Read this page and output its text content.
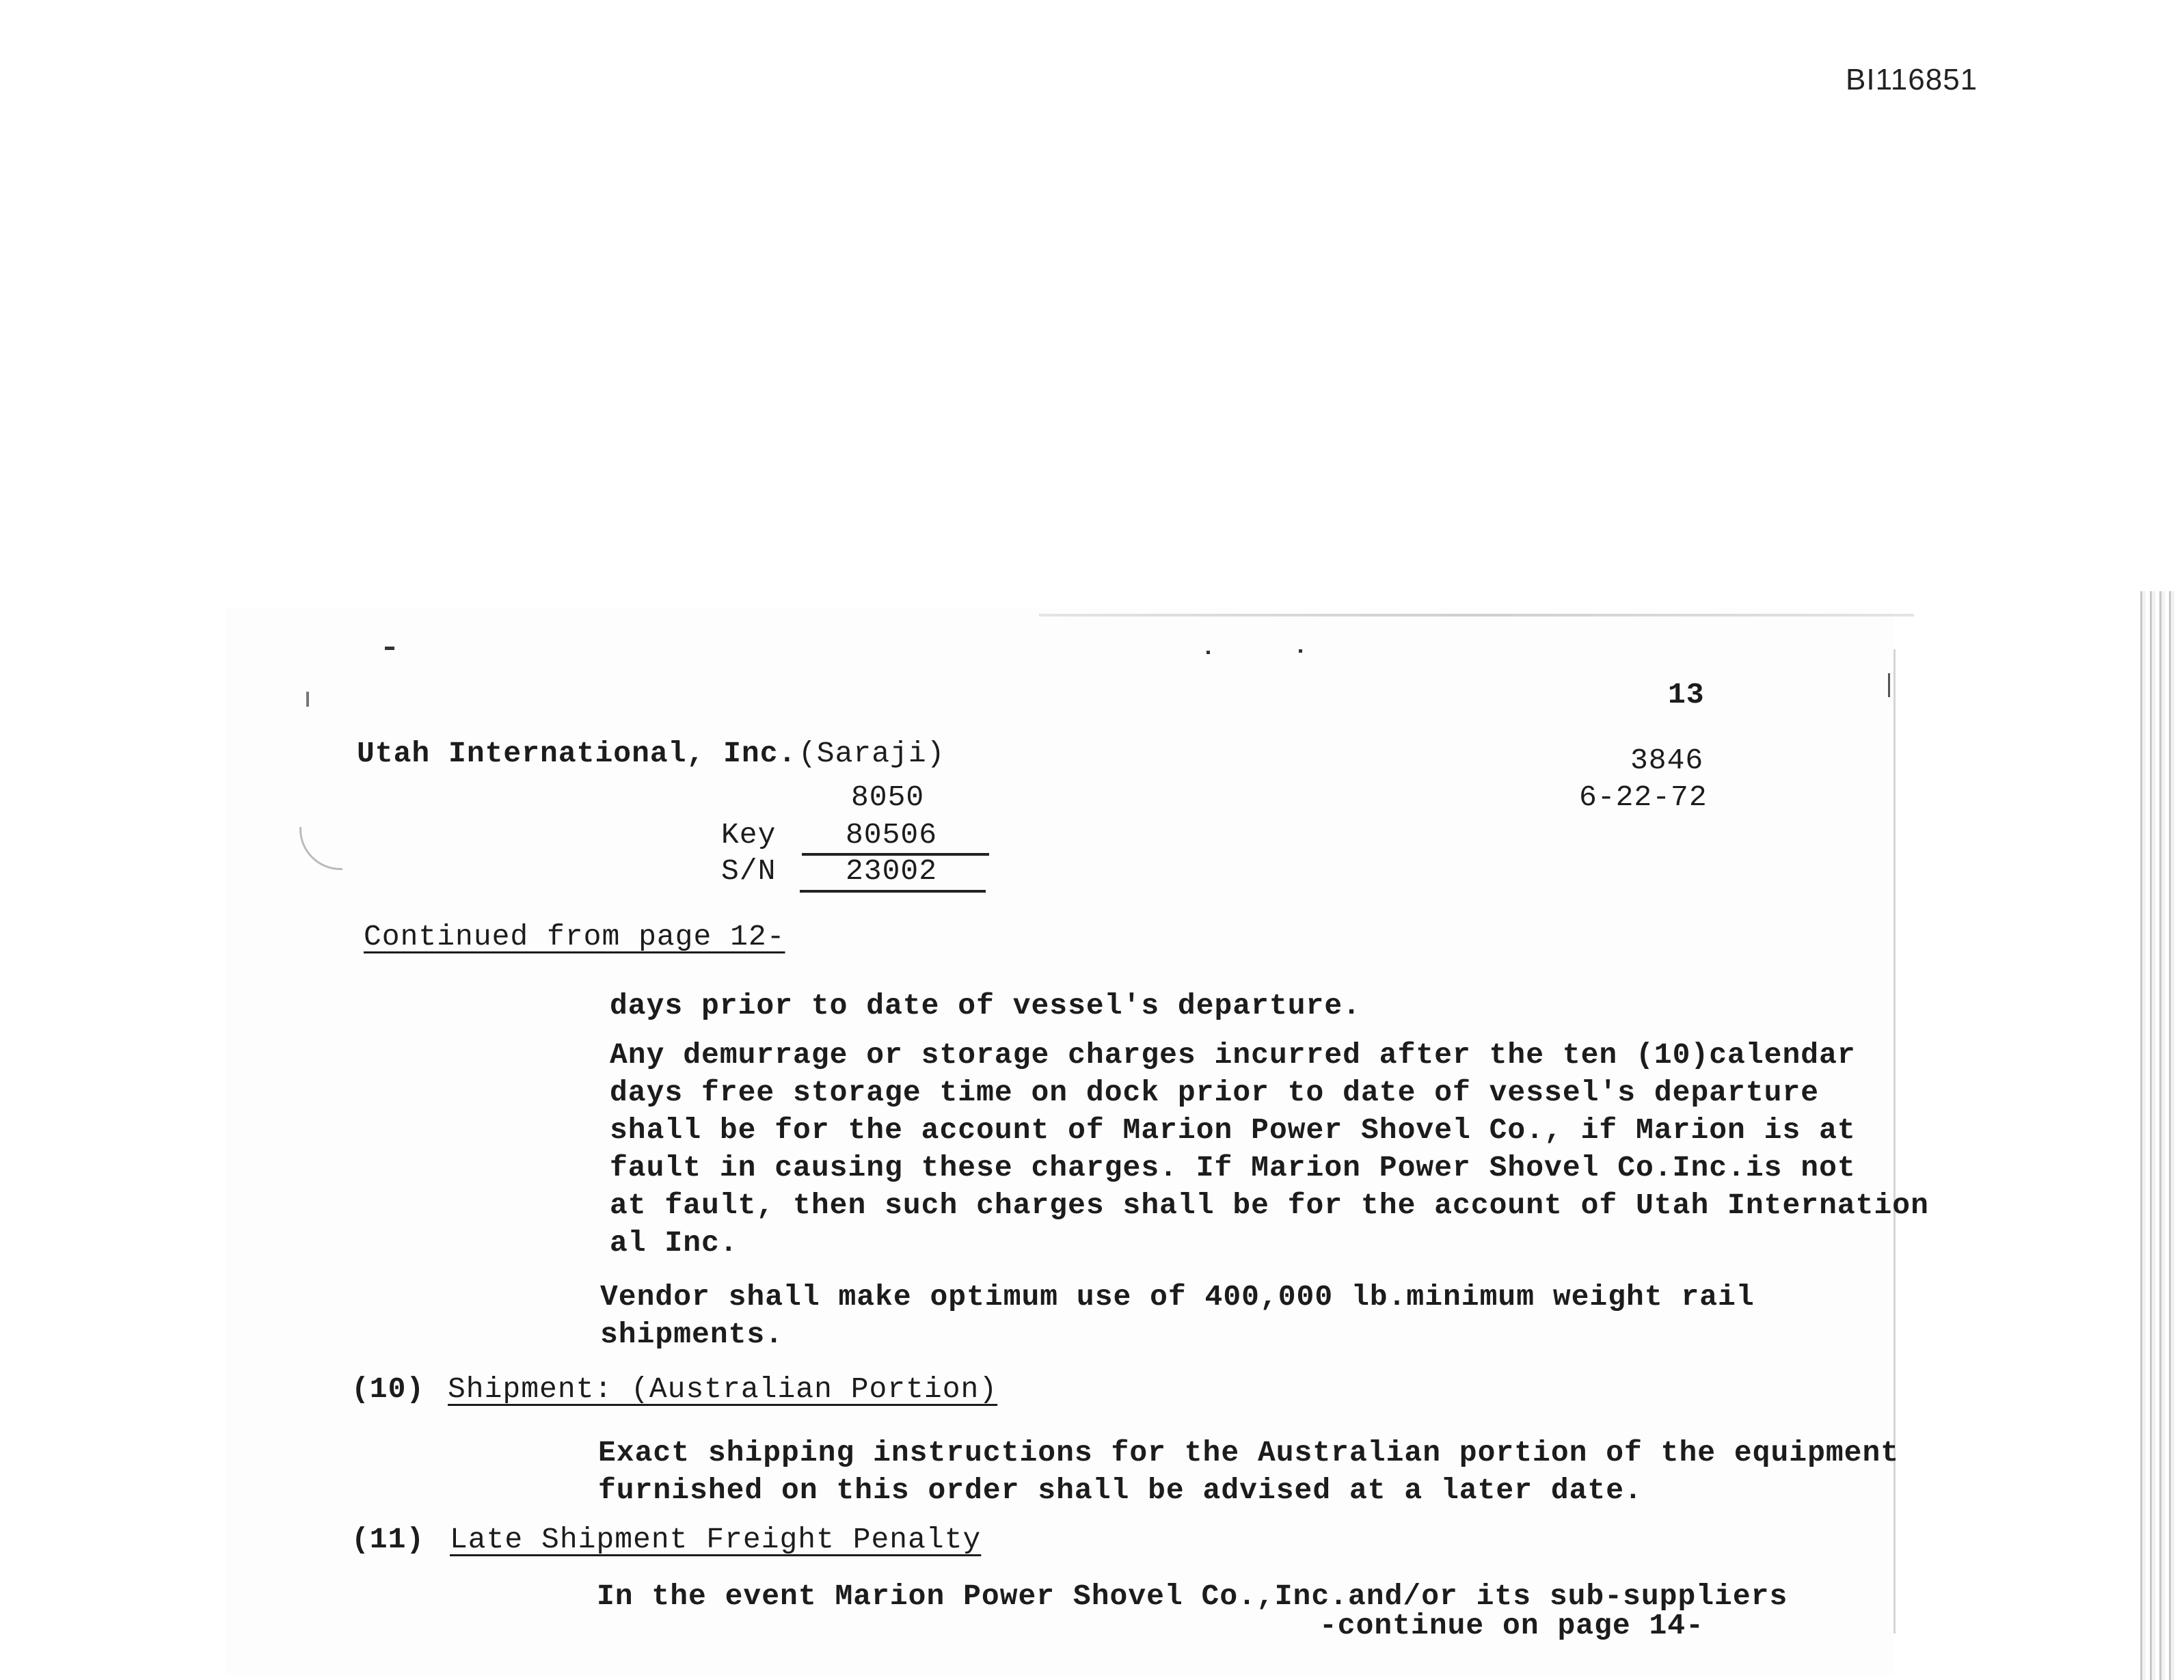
BI116851
13
Utah International, Inc. (Saraji)	3846
8050	6-22-72
Key 80506
S/N 23002
Continued from page 12-
days prior to date of vessel's departure.
Any demurrage or storage charges incurred after the ten (10)calendar
days free storage time on dock prior to date of vessel's departure
shall be for the account of Marion Power Shovel Co., if Marion is at
fault in causing these charges. If Marion Power Shovel Co.Inc.is not
at fault, then such charges shall be for the account of Utah Internation
al Inc.
Vendor shall make optimum use of 400,000 lb.minimum weight rail
shipments.
(10) Shipment: (Australian Portion)
Exact shipping instructions for the Australian portion of the equipment
furnished on this order shall be advised at a later date.
(11) Late Shipment Freight Penalty
In the event Marion Power Shovel Co.,Inc.and/or its sub-suppliers
-continue on page 14-
